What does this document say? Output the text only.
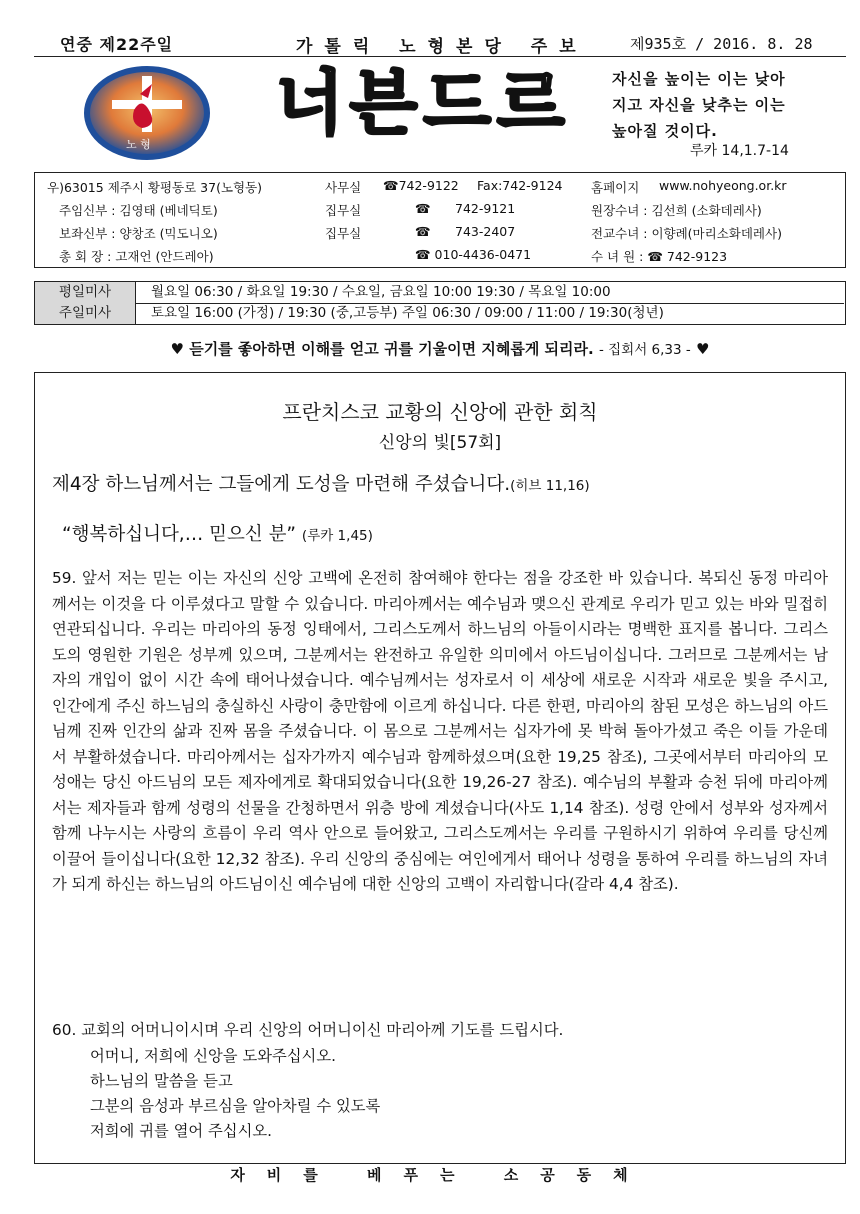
연중 제22주일	가톨릭 노형본당 주보	제935호 / 2016. 8. 28
노 형
너븐드르	자신을 높이는 이는 낮아
지고 자신을 낮추는 이는
높아질 것이다.
루카 14,1.7-14
우)63015 제주시 황평동로 37(노형동)	사무실 ☎742-9122 Fax:742-9124 홈페이지 www.nohyeong.or.kr
주임신부 : 김영태 (베네딕토)	집무실	☎ 742-9121	원장수녀 : 김선희 (소화데레사)
보좌신부 : 양창조 (믹도니오)	집무실	☎ 743-2407	전교수녀 : 이향례(마리소화데레사)
총 회 장 : 고재언 (안드레아)	☎ 010-4436-0471	수 녀 원 : ☎ 742-9123
평일미사	월요일 06:30 / 화요일 19:30 / 수요일, 금요일 10:00 19:30 / 목요일 10:00
주일미사	토요일 16:00 (가정) / 19:30 (중,고등부) 주일 06:30 / 09:00 / 11:00 / 19:30(청년)
♥ 듣기를 좋아하면 이해를 얻고 귀를 기울이면 지혜롭게 되리라. - 집회서 6,33 - ♥
프란치스코 교황의 신앙에 관한 회칙
신앙의 빛[57회]
제4장 하느님께서는 그들에게 도성을 마련해 주셨습니다.(히브 11,16)
“행복하십니다,… 믿으신 분” (루카 1,45)
59. 앞서 저는 믿는 이는 자신의 신앙 고백에 온전히 참여해야 한다는 점을 강조한 바 있습니다. 복되신 동정 마리아께서는 이것을 다 이루셨다고 말할 수 있습니다. 마리아께서는 예수님과 맺으신 관계로 우리가 믿고 있는 바와 밀접히 연관되십니다. 우리는 마리아의 동정 잉태에서, 그리스도께서 하느님의 아들이시라는 명백한 표지를 봅니다. 그리스도의 영원한 기원은 성부께 있으며, 그분께서는 완전하고 유일한 의미에서 아드님이십니다. 그러므로 그분께서는 남자의 개입이 없이 시간 속에 태어나셨습니다. 예수님께서는 성자로서 이 세상에 새로운 시작과 새로운 빛을 주시고, 인간에게 주신 하느님의 충실하신 사랑이 충만함에 이르게 하십니다. 다른 한편, 마리아의 참된 모성은 하느님의 아드님께 진짜 인간의 삶과 진짜 몸을 주셨습니다. 이 몸으로 그분께서는 십자가에 못 박혀 돌아가셨고 죽은 이들 가운데서 부활하셨습니다. 마리아께서는 십자가까지 예수님과 함께하셨으며(요한 19,25 참조), 그곳에서부터 마리아의 모성애는 당신 아드님의 모든 제자에게로 확대되었습니다(요한 19,26-27 참조). 예수님의 부활과 승천 뒤에 마리아께서는 제자들과 함께 성령의 선물을 간청하면서 위층 방에 계셨습니다(사도 1,14 참조). 성령 안에서 성부와 성자께서 함께 나누시는 사랑의 흐름이 우리 역사 안으로 들어왔고, 그리스도께서는 우리를 구원하시기 위하여 우리를 당신께 이끌어 들이십니다(요한 12,32 참조). 우리 신앙의 중심에는 여인에게서 태어나 성령을 통하여 우리를 하느님의 자녀가 되게 하신는 하느님의 아드님이신 예수님에 대한 신앙의 고백이 자리합니다(갈라 4,4 참조).
60. 교회의 어머니이시며 우리 신앙의 어머니이신 마리아께 기도를 드립시다.
어머니, 저희에 신앙을 도와주십시오.
하느님의 말씀을 듣고
그분의 음성과 부르심을 알아차릴 수 있도록
저희에 귀를 열어 주십시오.
자비를 베푸는 소공동체
